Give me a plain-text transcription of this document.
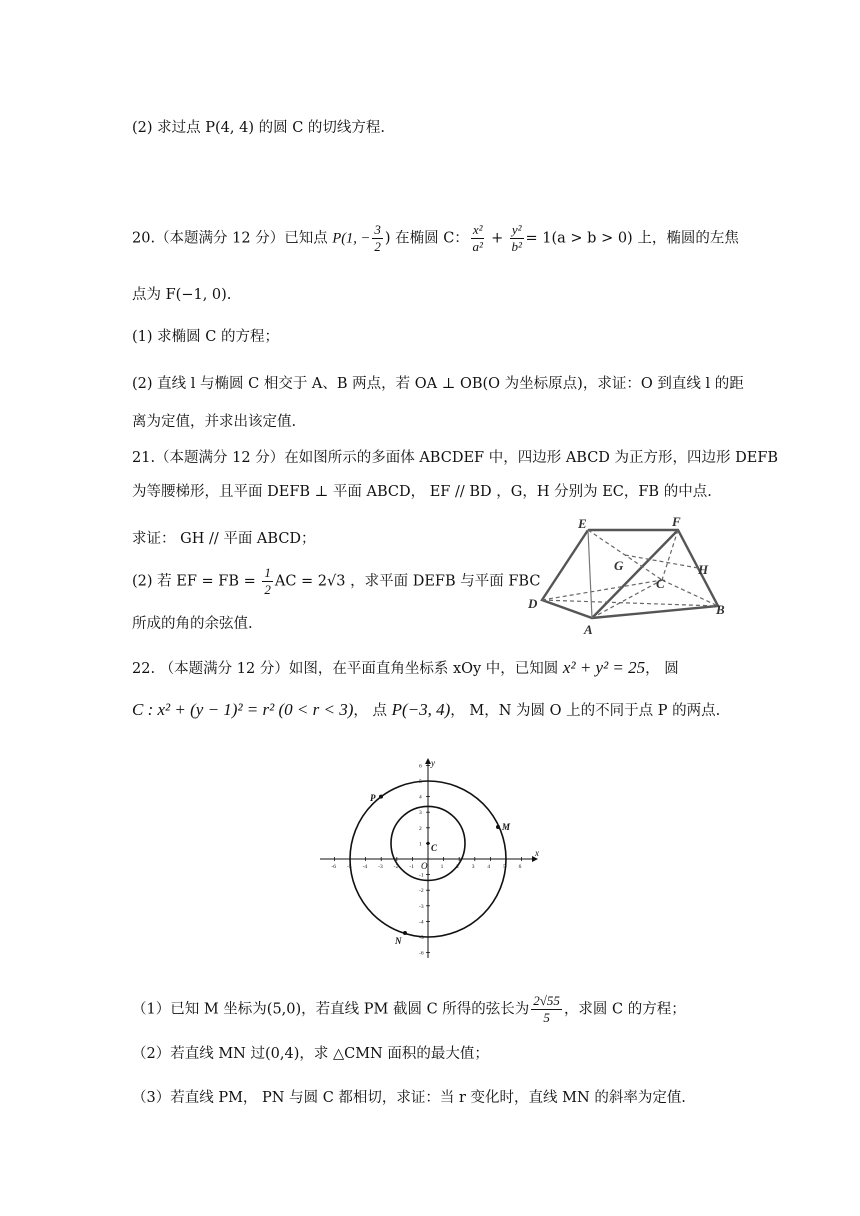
(2) 求过点 P(4, 4) 的圆 C 的切线方程.
20.（本题满分 12 分）已知点 P(1, − $\frac{3}{2}$ ) 在椭圆 C： $\frac{\text{x²}}{\text{a²}} + \frac{\text{y²}}{\text{b²}} = 1(a > b > 0)$ 上，椭圆的左焦
点为 F(−1, 0).
(1) 求椭圆 C 的方程；
(2) 直线 l 与椭圆 C 相交于 A、B 两点，若 OA ⊥ OB(O 为坐标原点)，求证：O 到直线 l 的距
离为定值，并求出该定值.
21.（本题满分 12 分）在如图所示的多面体 ABCDEF 中，四边形 ABCD 为正方形，四边形 DEFB
为等腰梯形，且平面 DEFB ⊥ 平面 ABCD， EF // BD ，G，H 分别为 EC，FB 的中点.
求证： GH // 平面 ABCD；
(2) 若 EF = FB = $\frac{1}{2}$ AC = 2√3 ，求平面 DEFB 与平面 FBC
所成的角的余弦值.
E	F
G
C
H
D	B
A
22. （本题满分 12 分）如图，在平面直角坐标系 xOy 中，已知圆 x² + y² = 25， 圆
C : x² + (y − 1)² = r² (0 < r < 3)， 点 P(−3, 4)， M，N 为圆 O 上的不同于点 P 的两点.
-6 -5 -4 -3 -2 -1	1 2 3 4 5 6
6
5
4
3
2
1
-1
-2
-3
-4
-5
-6
x
y
O
P
M
N
C
（1）已知 M 坐标为(5,0)，若直线 PM 截圆 C 所得的弦长为 $\frac{2√55}{5}$ ，求圆 C 的方程；
（2）若直线 MN 过(0,4)，求 △CMN 面积的最大值；
（3）若直线 PM， PN 与圆 C 都相切，求证：当 r 变化时，直线 MN 的斜率为定值.
